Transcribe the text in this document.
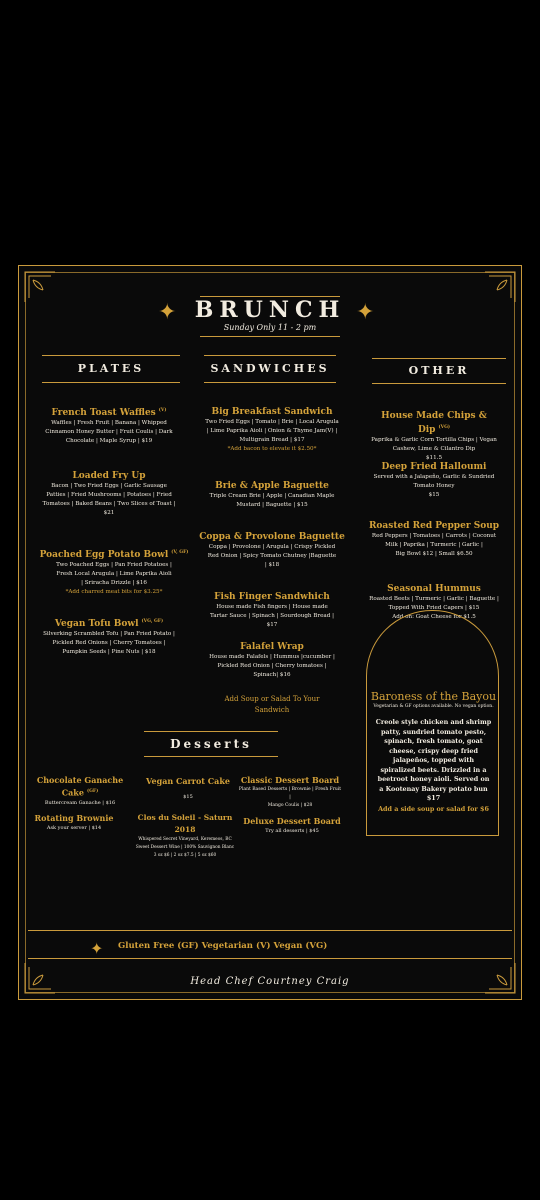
✦	✦
BRUNCH
Sunday Only 11 - 2 pm
PLATES	SANDWICHES	OTHER
French Toast Waffles $^{(V)}$
Waffles | Fresh Fruit | Banana | Whipped
Cinnamon Honey Butter | Fruit Coulis | Dark
Chocolate | Maple Syrup | $19
Loaded Fry Up
Bacon | Two Fried Eggs | Garlic Sausage
Patties | Fried Mushrooms | Potatoes | Fried
Tomatoes | Baked Beans | Two Slices of Toast |
$21
Poached Egg Potato Bowl $^{(V, GF)}$
Two Poached Eggs | Pan Fried Potatoes |
Fresh Local Arugula | Lime Paprika Aioli
| Sriracha Drizzle | $16
*Add charred meat bits for $3.25*
Vegan Tofu Bowl $^{(VG, GF)}$
Silverking Scrambled Tofu | Pan Fried Potato |
Pickled Red Onions | Cherry Tomatoes |
Pumpkin Seeds | Pine Nuts | $18
Big Breakfast Sandwich
Two Fried Eggs | Tomato | Brie | Local Arugula
| Lime Paprika Aioli | Onion & Thyme Jam(V) |
Multigrain Bread | $17
*Add bacon to elevate it $2.50*
Brie & Apple Baguette
Triple Cream Brie | Apple | Canadian Maple
Mustard | Baguette | $15
Coppa & Provolone Baguette
Coppa | Provolone | Arugula | Crispy Pickled
Red Onion | Spicy Tomato Chutney |Baguette
| $18
Fish Finger Sandwhich
House made Fish fingers | House made
Tartar Sauce | Spinach | Sourdough Bread |
$17
Falafel Wrap
House made Falafels | Hummus |cucumber |
Pickled Red Onion | Cherry tomatoes |
Spinach| $16
Add Soup or Salad To Your
Sandwich
House Made Chips & Dip $^{(VG)}$
Paprika & Garlic Corn Tortilla Chips | Vegan
Cashew, Lime & Cilantro Dip
$11.5
Deep Fried Halloumi
Served with a Jalapeño, Garlic & Sundried
Tomato Honey
$15
Roasted Red Pepper Soup
Red Peppers | Tomatoes | Carrots | Coconut
Milk | Paprika | Turmeric | Garlic |
Big Bowl $12 | Small $6.50
Seasonal Hummus
Roasted Beets | Turmeric | Garlic | Baguette |
Topped With Fried Capers | $15
Add on: Goat Cheese for $1.5
Baroness of the Bayou
Vegetarian & GF options available. No vegan option.
Creole style chicken and shrimp
patty, sundried tomato pesto,
spinach, fresh tomato, goat
cheese, crispy deep fried
jalapeños, topped with
spiralized beets. Drizzled in a
beetroot honey aioli. Served on
a Kootenay Bakery potato bun
$17
Add a side soup or salad for $6
Desserts
Chocolate Ganache Cake $^{(GF)}$
Buttercream Ganache | $16
Vegan Carrot Cake
$15
Classic Dessert Board
Plant Based Desserts | Brownie | Fresh Fruit |
Mango Coulis | $28
Rotating Brownie
Ask your server | $14
Clos du Soleil - Saturn 2018
Whispered Secret Vineyard, Keremeos, BC
Sweet Dessert Wine | 100% Sauvignon Blanc
3 oz $6 | 2 oz $7.5 | 5 oz $60
Deluxe Dessert Board
Try all desserts | $45
✦ Gluten Free (GF) Vegetarian (V) Vegan (VG)
Head Chef Courtney Craig
